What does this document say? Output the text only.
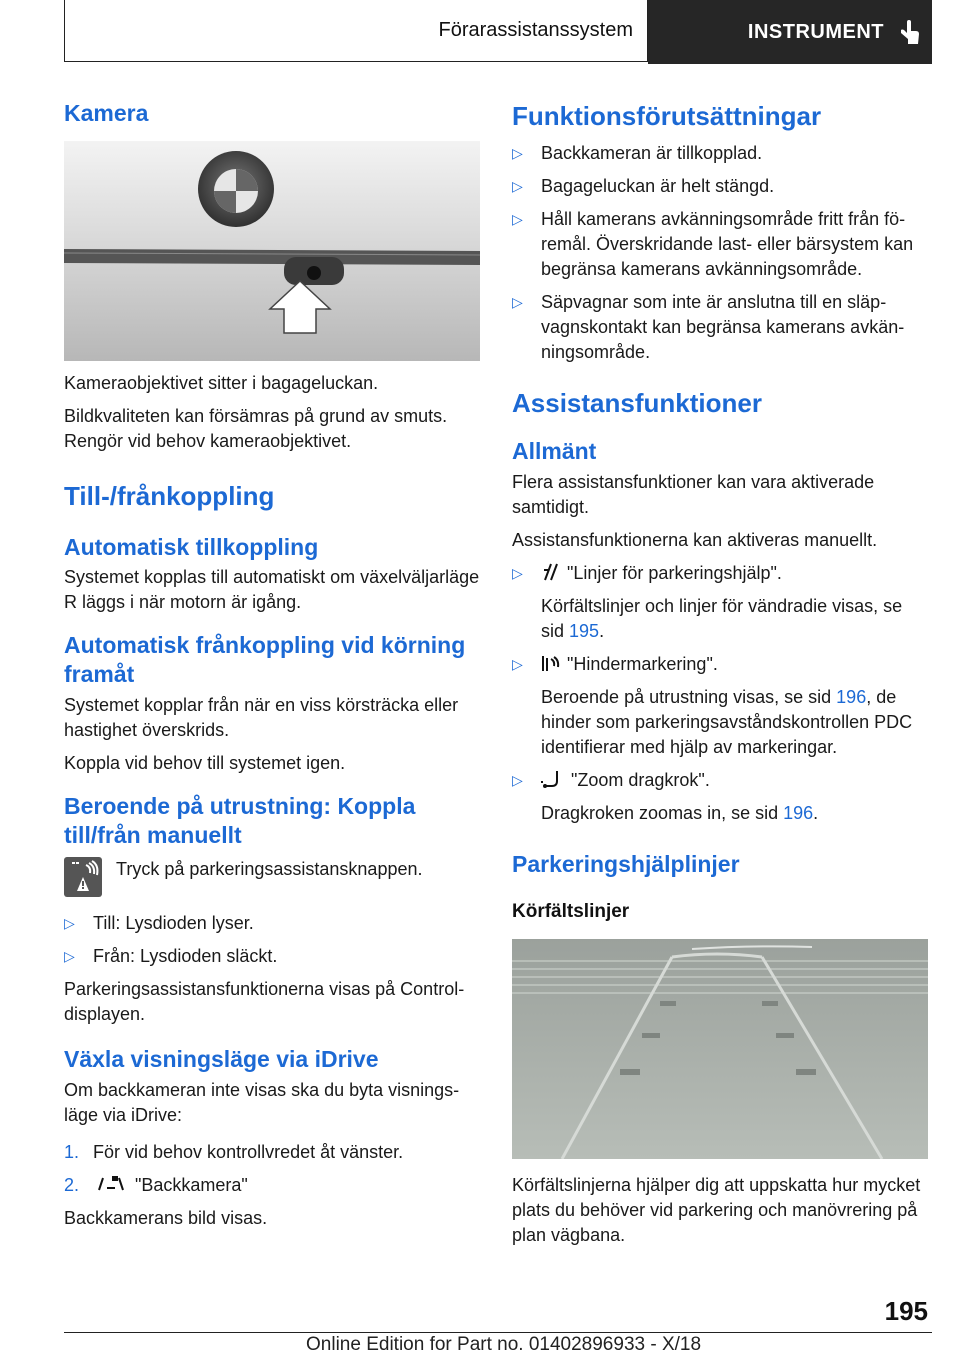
Förarassistanssystem	INSTRUMENT
Kamera

Kameraobjektivet sitter i bagageluckan.

Bildkvaliteten kan försämras på grund av smuts. Rengör vid behov kameraobjektivet.

Till-/frånkoppling
Automatisk tillkoppling

Systemet kopplas till automatiskt om växelväljarläge R läggs i när motorn är igång.

Automatisk frånkoppling vid körning framåt

Systemet kopplar från när en viss körsträcka eller hastighet överskrids.

Koppla vid behov till systemet igen.

Beroende på utrustning: Koppla till/från manuellt
Tryck på parkeringsassistansknappen.
▷ Till: Lysdioden lyser.
▷ Från: Lysdioden släckt.

Parkeringsassistansfunktionerna visas på Control-displayen.

Växla visningsläge via iDrive

Om backkameran inte visas ska du byta visningsläge via iDrive:

1. För vid behov kontrollvredet åt vänster.
2.	"Backkamera"

Backkamerans bild visas.

Funktionsförutsättningar
▷ Backkameran är tillkopplad.
▷ Bagageluckan är helt stängd.
▷ Håll kamerans avkänningsområde fritt från föremål. Överskridande last- eller bärsystem kan begränsa kamerans avkänningsområde.
▷ Säpvagnar som inte är anslutna till en släpvagnskontakt kan begränsa kamerans avkänningsområde.
Assistansfunktioner
Allmänt

Flera assistansfunktioner kan vara aktiverade samtidigt.

Assistansfunktionerna kan aktiveras manuellt.

▷ "Linjer för parkeringshjälp".
Körfältslinjer och linjer för vändradie visas, se sid 195.
▷ "Hindermarkering".
Beroende på utrustning visas, se sid 196, de hinder som parkeringsavståndskontrollen PDC identifierar med hjälp av markeringar.
▷	"Zoom dragkrok".
Dragkroken zoomas in, se sid 196.
Parkeringshjälplinjer
Körfältslinjer

Körfältslinjerna hjälper dig att uppskatta hur mycket plats du behöver vid parkering och manövrering på plan vägbana.

195
Online Edition for Part no. 01402896933 - X/18
